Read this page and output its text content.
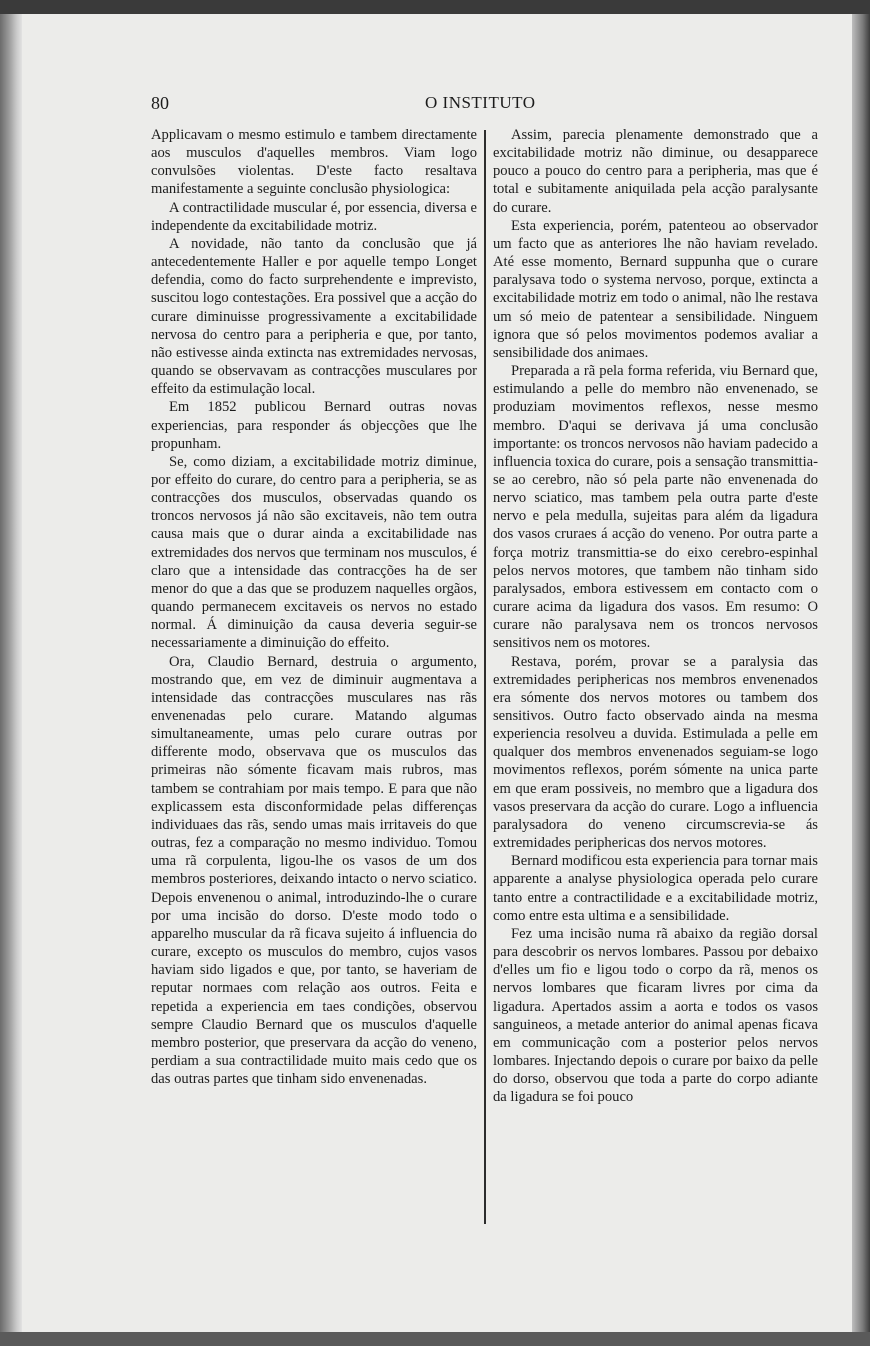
80	O INSTITUTO

Applicavam o mesmo estimulo e tambem directamente aos musculos d'aquelles membros. Viam logo convulsões violentas. D'este facto resaltava manifestamente a seguinte conclusão physiologica:

A contractilidade muscular é, por essencia, diversa e independente da excitabilidade motriz.

A novidade, não tanto da conclusão que já antecedentemente Haller e por aquelle tempo Longet defendia, como do facto surprehendente e imprevisto, suscitou logo contestações. Era possivel que a acção do curare diminuisse progressivamente a excitabilidade nervosa do centro para a peripheria e que, por tanto, não estivesse ainda extincta nas extremidades nervosas, quando se observavam as contracções musculares por effeito da estimulação local.

Em 1852 publicou Bernard outras novas experiencias, para responder ás objecções que lhe propunham.

Se, como diziam, a excitabilidade motriz diminue, por effeito do curare, do centro para a peripheria, se as contracções dos musculos, observadas quando os troncos nervosos já não são excitaveis, não tem outra causa mais que o durar ainda a excitabilidade nas extremidades dos nervos que terminam nos musculos, é claro que a intensidade das contracções ha de ser menor do que a das que se produzem naquelles orgãos, quando permanecem excitaveis os nervos no estado normal. Á diminuição da causa deveria seguir-se necessariamente a diminuição do effeito.

Ora, Claudio Bernard, destruia o argumento, mostrando que, em vez de diminuir augmentava a intensidade das contracções musculares nas rãs envenenadas pelo curare. Matando algumas simultaneamente, umas pelo curare outras por differente modo, observava que os musculos das primeiras não sómente ficavam mais rubros, mas tambem se contrahiam por mais tempo. E para que não explicassem esta disconformidade pelas differenças individuaes das rãs, sendo umas mais irritaveis do que outras, fez a comparação no mesmo individuo. Tomou uma rã corpulenta, ligou-lhe os vasos de um dos membros posteriores, deixando intacto o nervo sciatico. Depois envenenou o animal, introduzindo-lhe o curare por uma incisão do dorso. D'este modo todo o apparelho muscular da rã ficava sujeito á influencia do curare, excepto os musculos do membro, cujos vasos haviam sido ligados e que, por tanto, se haveriam de reputar normaes com relação aos outros. Feita e repetida a experiencia em taes condições, observou sempre Claudio Bernard que os musculos d'aquelle membro posterior, que preservara da acção do veneno, perdiam a sua contractilidade muito mais cedo que os das outras partes que tinham sido envenenadas.

Assim, parecia plenamente demonstrado que a excitabilidade motriz não diminue, ou desapparece pouco a pouco do centro para a peripheria, mas que é total e subitamente aniquilada pela acção paralysante do curare.

Esta experiencia, porém, patenteou ao observador um facto que as anteriores lhe não haviam revelado. Até esse momento, Bernard suppunha que o curare paralysava todo o systema nervoso, porque, extincta a excitabilidade motriz em todo o animal, não lhe restava um só meio de patentear a sensibilidade. Ninguem ignora que só pelos movimentos podemos avaliar a sensibilidade dos animaes.

Preparada a rã pela forma referida, viu Bernard que, estimulando a pelle do membro não envenenado, se produziam movimentos reflexos, nesse mesmo membro. D'aqui se derivava já uma conclusão importante: os troncos nervosos não haviam padecido a influencia toxica do curare, pois a sensação transmittia-se ao cerebro, não só pela parte não envenenada do nervo sciatico, mas tambem pela outra parte d'este nervo e pela medulla, sujeitas para além da ligadura dos vasos cruraes á acção do veneno. Por outra parte a força motriz transmittia-se do eixo cerebro-espinhal pelos nervos motores, que tambem não tinham sido paralysados, embora estivessem em contacto com o curare acima da ligadura dos vasos. Em resumo: O curare não paralysava nem os troncos nervosos sensitivos nem os motores.

Restava, porém, provar se a paralysia das extremidades periphericas nos membros envenenados era sómente dos nervos motores ou tambem dos sensitivos. Outro facto observado ainda na mesma experiencia resolveu a duvida. Estimulada a pelle em qualquer dos membros envenenados seguiam-se logo movimentos reflexos, porém sómente na unica parte em que eram possiveis, no membro que a ligadura dos vasos preservara da acção do curare. Logo a influencia paralysadora do veneno circumscrevia-se ás extremidades periphericas dos nervos motores.

Bernard modificou esta experiencia para tornar mais apparente a analyse physiologica operada pelo curare tanto entre a contractilidade e a excitabilidade motriz, como entre esta ultima e a sensibilidade.

Fez uma incisão numa rã abaixo da região dorsal para descobrir os nervos lombares. Passou por debaixo d'elles um fio e ligou todo o corpo da rã, menos os nervos lombares que ficaram livres por cima da ligadura. Apertados assim a aorta e todos os vasos sanguineos, a metade anterior do animal apenas ficava em communicação com a posterior pelos nervos lombares. Injectando depois o curare por baixo da pelle do dorso, observou que toda a parte do corpo adiante da ligadura se foi pouco
